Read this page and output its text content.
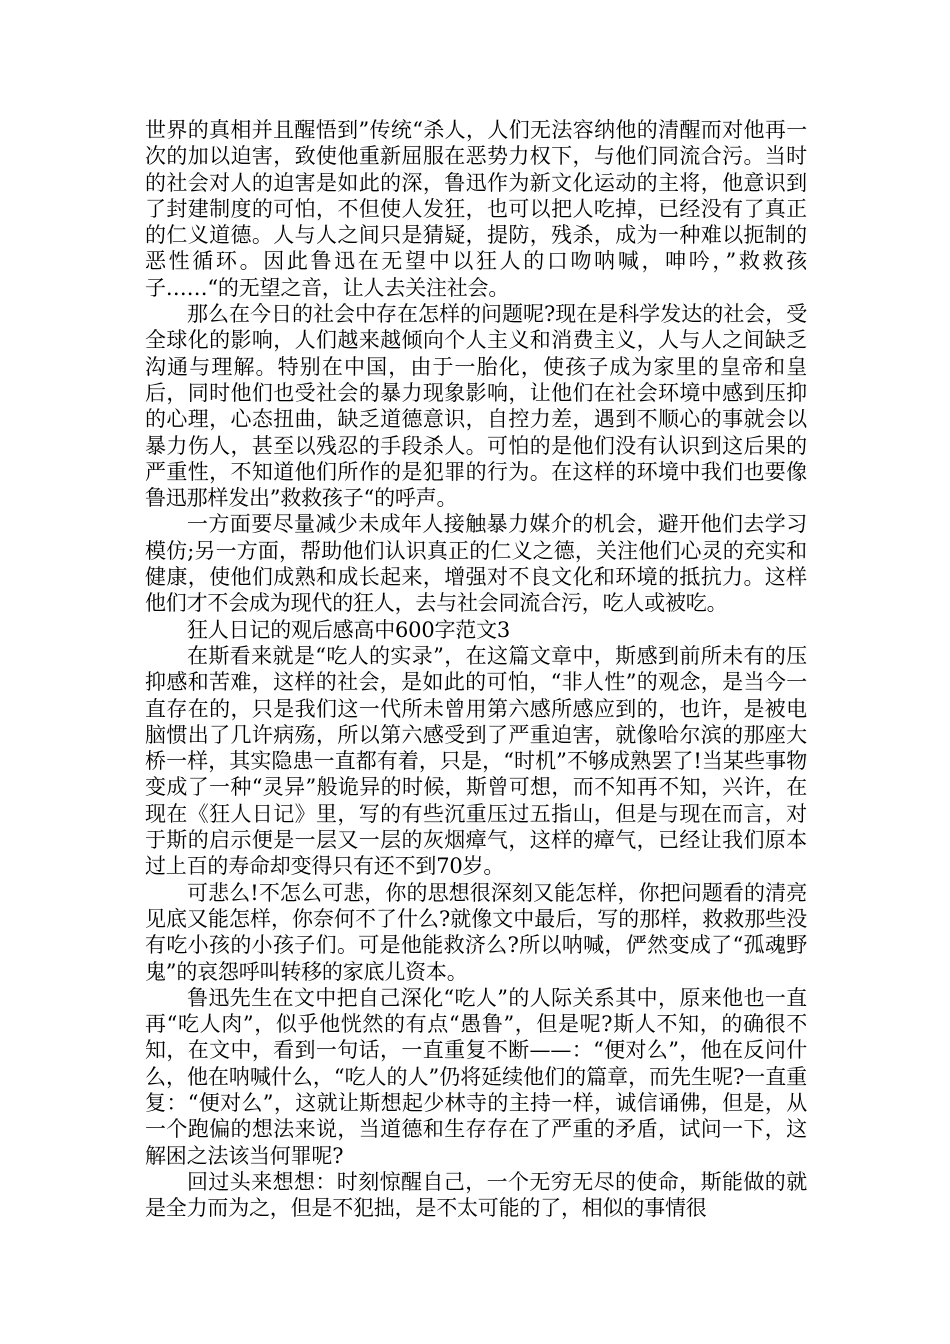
世界的真相并且醒悟到”传统“杀人，人们无法容纳他的清醒而对他再一次的加以迫害，致使他重新屈服在恶势力权下，与他们同流合污。当时的社会对人的迫害是如此的深，鲁迅作为新文化运动的主将，他意识到了封建制度的可怕，不但使人发狂，也可以把人吃掉，已经没有了真正的仁义道德。人与人之间只是猜疑，提防，残杀，成为一种难以扼制的恶性循环。因此鲁迅在无望中以狂人的口吻呐喊，呻吟，”救救孩子……“的无望之音，让人去关注社会。

那么在今日的社会中存在怎样的问题呢?现在是科学发达的社会，受全球化的影响，人们越来越倾向个人主义和消费主义，人与人之间缺乏沟通与理解。特别在中国，由于一胎化，使孩子成为家里的皇帝和皇后，同时他们也受社会的暴力现象影响，让他们在社会环境中感到压抑的心理，心态扭曲，缺乏道德意识，自控力差，遇到不顺心的事就会以暴力伤人，甚至以残忍的手段杀人。可怕的是他们没有认识到这后果的严重性，不知道他们所作的是犯罪的行为。在这样的环境中我们也要像鲁迅那样发出”救救孩子“的呼声。

一方面要尽量减少未成年人接触暴力媒介的机会，避开他们去学习模仿;另一方面，帮助他们认识真正的仁义之德，关注他们心灵的充实和健康，使他们成熟和成长起来，增强对不良文化和环境的抵抗力。这样他们才不会成为现代的狂人，去与社会同流合污，吃人或被吃。

狂人日记的观后感高中600字范文3

在斯看来就是“吃人的实录”，在这篇文章中，斯感到前所未有的压抑感和苦难，这样的社会，是如此的可怕，“非人性”的观念，是当今一直存在的，只是我们这一代所未曾用第六感所感应到的，也许，是被电脑惯出了几许病殇，所以第六感受到了严重迫害，就像哈尔滨的那座大桥一样，其实隐患一直都有着，只是，“时机”不够成熟罢了!当某些事物变成了一种“灵异”般诡异的时候，斯曾可想，而不知再不知，兴许，在现在《狂人日记》里，写的有些沉重压过五指山，但是与现在而言，对于斯的启示便是一层又一层的灰烟瘴气，这样的瘴气，已经让我们原本过上百的寿命却变得只有还不到70岁。

可悲么!不怎么可悲，你的思想很深刻又能怎样，你把问题看的清亮见底又能怎样，你奈何不了什么?就像文中最后，写的那样，救救那些没有吃小孩的小孩子们。可是他能救济么?所以呐喊，俨然变成了“孤魂野鬼”的哀怨呼叫转移的家底儿资本。

鲁迅先生在文中把自己深化“吃人”的人际关系其中，原来他也一直再“吃人肉”，似乎他恍然的有点“愚鲁”，但是呢?斯人不知，的确很不知，在文中，看到一句话，一直重复不断——：“便对么”，他在反问什么，他在呐喊什么，“吃人的人”仍将延续他们的篇章，而先生呢?一直重复：“便对么”，这就让斯想起少林寺的主持一样，诚信诵佛，但是，从一个跑偏的想法来说，当道德和生存存在了严重的矛盾，试问一下，这解困之法该当何罪呢?

回过头来想想：时刻惊醒自己，一个无穷无尽的使命，斯能做的就是全力而为之，但是不犯拙，是不太可能的了，相似的事情很
